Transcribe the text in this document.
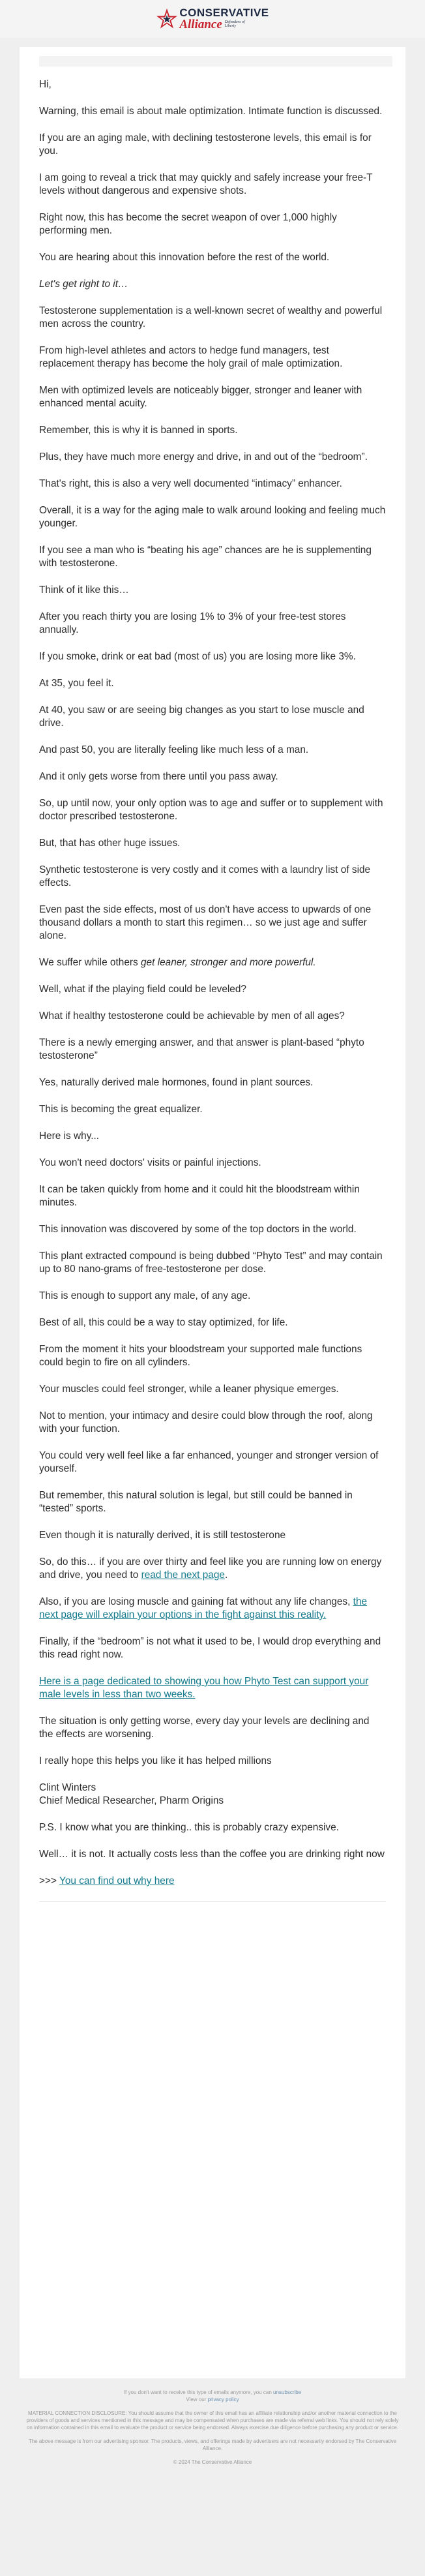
CONSERVATIVE
Alliance Defenders of Liberty

Hi,

Warning, this email is about male optimization. Intimate function is discussed.

If you are an aging male, with declining testosterone levels, this email is for you.

I am going to reveal a trick that may quickly and safely increase your free-T levels without dangerous and expensive shots.

Right now, this has become the secret weapon of over 1,000 highly performing men.

You are hearing about this innovation before the rest of the world.

Let's get right to it…

Testosterone supplementation is a well-known secret of wealthy and powerful men across the country.

From high-level athletes and actors to hedge fund managers, test replacement therapy has become the holy grail of male optimization.

Men with optimized levels are noticeably bigger, stronger and leaner with enhanced mental acuity.

Remember, this is why it is banned in sports.

Plus, they have much more energy and drive, in and out of the “bedroom”.

That's right, this is also a very well documented “intimacy” enhancer.

Overall, it is a way for the aging male to walk around looking and feeling much younger.

If you see a man who is “beating his age” chances are he is supplementing with testosterone.

Think of it like this…

After you reach thirty you are losing 1% to 3% of your free-test stores annually.

If you smoke, drink or eat bad (most of us) you are losing more like 3%.

At 35, you feel it.

At 40, you saw or are seeing big changes as you start to lose muscle and drive.

And past 50, you are literally feeling like much less of a man.

And it only gets worse from there until you pass away.

So, up until now, your only option was to age and suffer or to supplement with doctor prescribed testosterone.

But, that has other huge issues.

Synthetic testosterone is very costly and it comes with a laundry list of side effects.

Even past the side effects, most of us don't have access to upwards of one thousand dollars a month to start this regimen… so we just age and suffer alone.

We suffer while others get leaner, stronger and more powerful.

Well, what if the playing field could be leveled?

What if healthy testosterone could be achievable by men of all ages?

There is a newly emerging answer, and that answer is plant-based “phyto testosterone”

Yes, naturally derived male hormones, found in plant sources.

This is becoming the great equalizer.

Here is why...

You won't need doctors' visits or painful injections.

It can be taken quickly from home and it could hit the bloodstream within minutes.

This innovation was discovered by some of the top doctors in the world.

This plant extracted compound is being dubbed “Phyto Test” and may contain up to 80 nano-grams of free-testosterone per dose.

This is enough to support any male, of any age.

Best of all, this could be a way to stay optimized, for life.

From the moment it hits your bloodstream your supported male functions could begin to fire on all cylinders.

Your muscles could feel stronger, while a leaner physique emerges.

Not to mention, your intimacy and desire could blow through the roof, along with your function.

You could very well feel like a far enhanced, younger and stronger version of yourself.

But remember, this natural solution is legal, but still could be banned in “tested” sports.

Even though it is naturally derived, it is still testosterone

So, do this… if you are over thirty and feel like you are running low on energy and drive, you need to read the next page.

Also, if you are losing muscle and gaining fat without any life changes, the next page will explain your options in the fight against this reality.

Finally, if the “bedroom” is not what it used to be, I would drop everything and this read right now.

Here is a page dedicated to showing you how Phyto Test can support your male levels in less than two weeks.

The situation is only getting worse, every day your levels are declining and the effects are worsening.

I really hope this helps you like it has helped millions

Clint Winters
Chief Medical Researcher, Pharm Origins

P.S. I know what you are thinking.. this is probably crazy expensive.

Well… it is not. It actually costs less than the coffee you are drinking right now

>>> You can find out why here

If you don't want to receive this type of emails anymore, you can unsubscribe
View our privacy policy

MATERIAL CONNECTION DISCLOSURE: You should assume that the owner of this email has an affiliate relationship and/or another material connection to the providers of goods and services mentioned in this message and may be compensated when purchases are made via referral web links. You should not rely solely on information contained in this email to evaluate the product or service being endorsed. Always exercise due diligence before purchasing any product or service.

The above message is from our advertising sponsor. The products, views, and offerings made by advertisers are not necessarily endorsed by The Conservative Alliance.

© 2024 The Conservative Alliance
